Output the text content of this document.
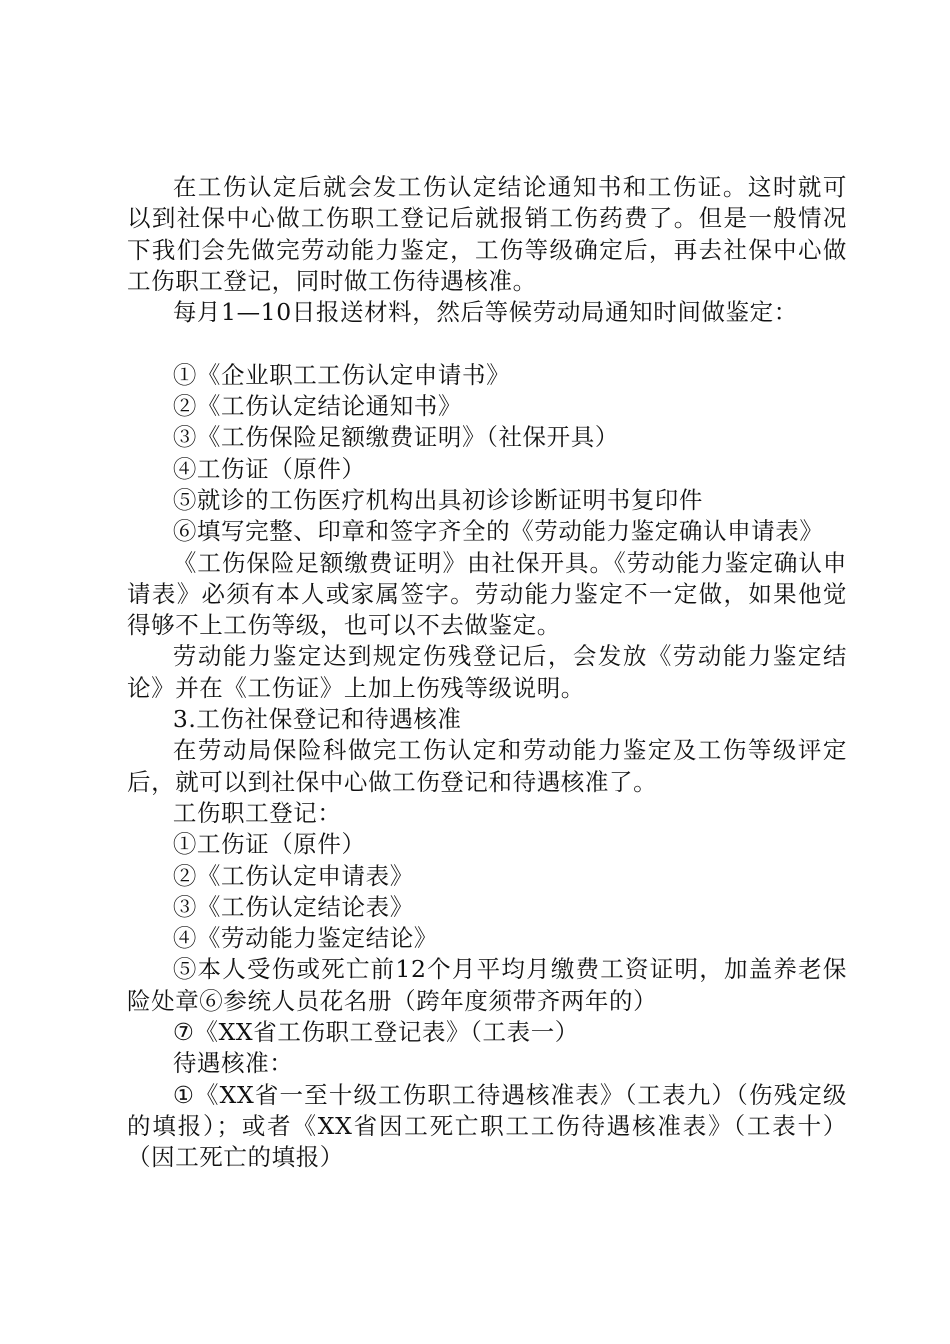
在工伤认定后就会发工伤认定结论通知书和工伤证。这时就可以到社保中心做工伤职工登记后就报销工伤药费了。但是一般情况下我们会先做完劳动能力鉴定，工伤等级确定后，再去社保中心做工伤职工登记，同时做工伤待遇核准。

每月1—10日报送材料，然后等候劳动局通知时间做鉴定：

①《企业职工工伤认定申请书》

②《工伤认定结论通知书》

③《工伤保险足额缴费证明》（社保开具）

④工伤证（原件）

⑤就诊的工伤医疗机构出具初诊诊断证明书复印件

⑥填写完整、印章和签字齐全的《劳动能力鉴定确认申请表》

《工伤保险足额缴费证明》由社保开具。《劳动能力鉴定确认申请表》必须有本人或家属签字。劳动能力鉴定不一定做，如果他觉得够不上工伤等级，也可以不去做鉴定。

劳动能力鉴定达到规定伤残登记后，会发放《劳动能力鉴定结论》并在《工伤证》上加上伤残等级说明。

3.工伤社保登记和待遇核准

在劳动局保险科做完工伤认定和劳动能力鉴定及工伤等级评定后，就可以到社保中心做工伤登记和待遇核准了。

工伤职工登记：

①工伤证（原件）

②《工伤认定申请表》

③《工伤认定结论表》

④《劳动能力鉴定结论》

⑤本人受伤或死亡前12个月平均月缴费工资证明，加盖养老保险处章⑥参统人员花名册（跨年度须带齐两年的）

⑦《XX省工伤职工登记表》（工表一）

待遇核准：

①《XX省一至十级工伤职工待遇核准表》（工表九）（伤残定级的填报）；或者《XX省因工死亡职工工伤待遇核准表》（工表十）（因工死亡的填报）
